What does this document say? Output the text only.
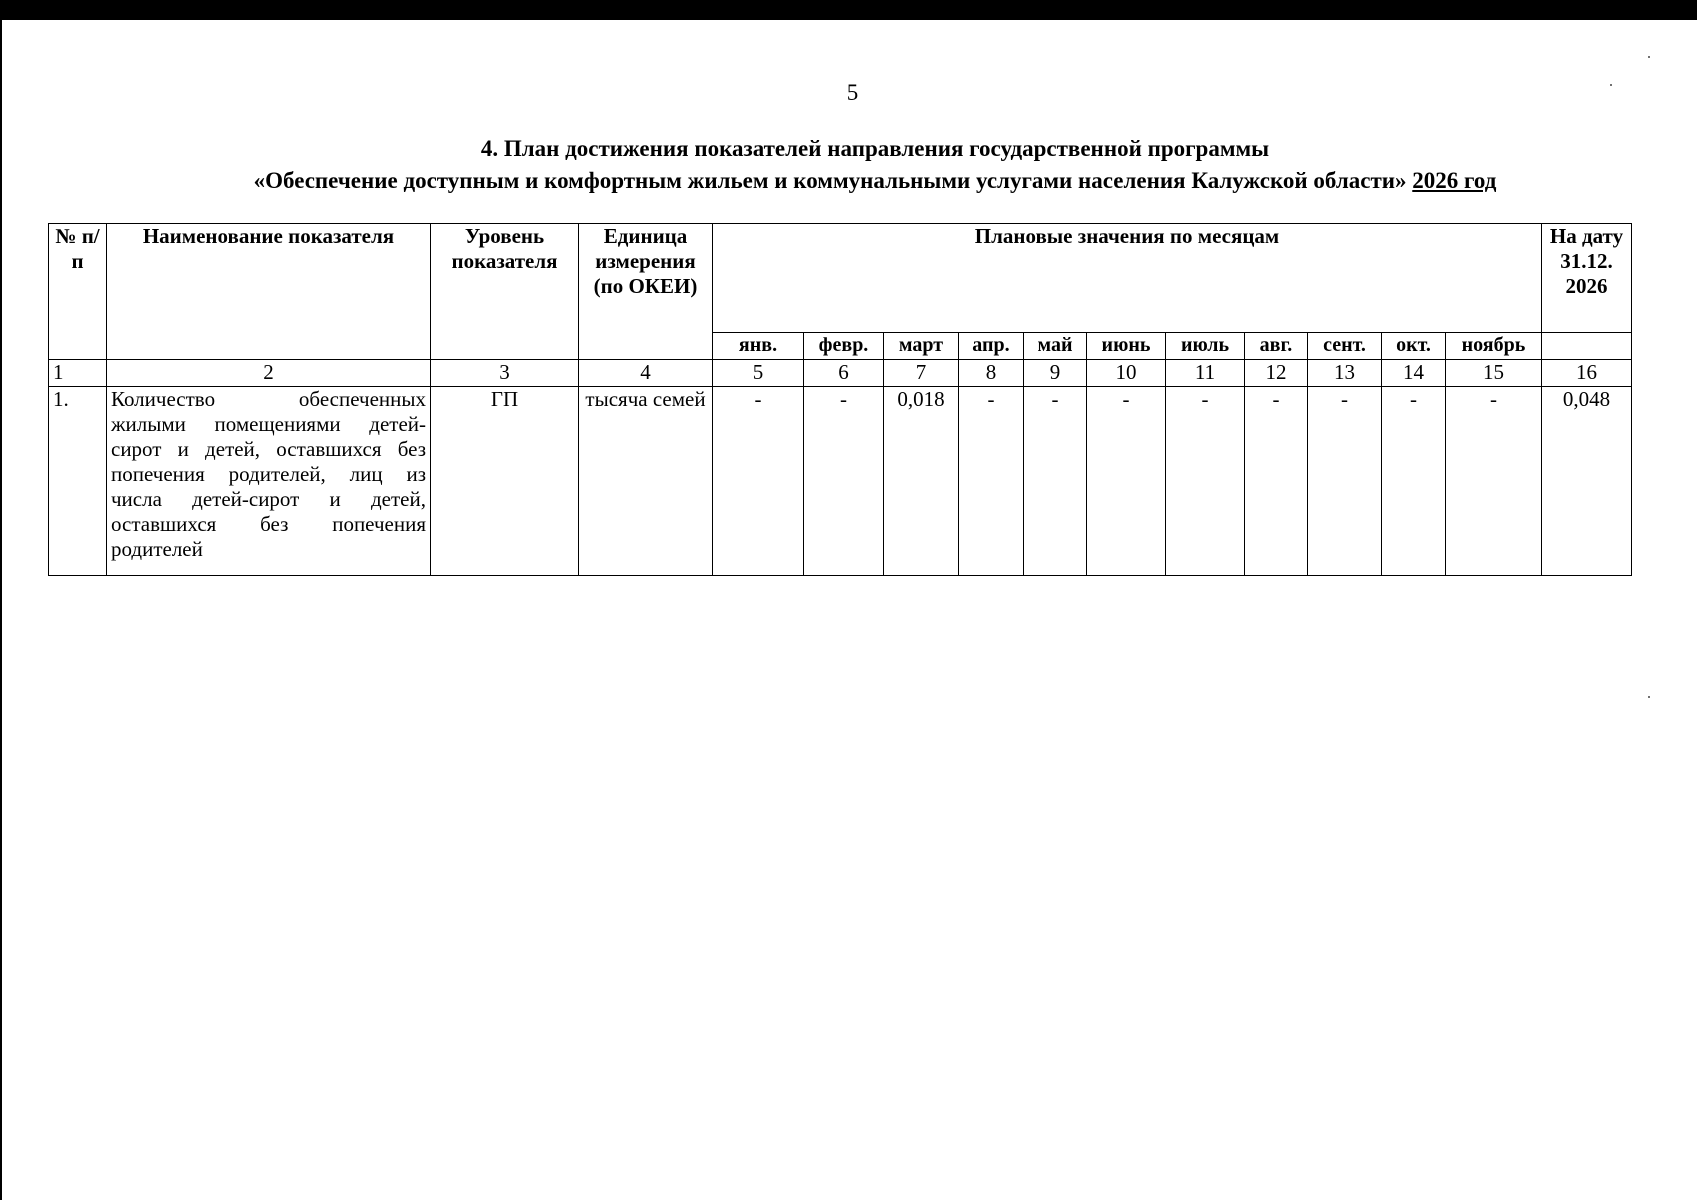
5
4. План достижения показателей направления государственной программы
«Обеспечение доступным и комфортным жильем и коммунальными услугами населения Калужской области» 2026 год
№ п/п	Наименование показателя	Уровень показателя	Единица измерения (по ОКЕИ)	Плановые значения по месяцам											На дату 31.12. 2026
				янв.	февр.	март	апр.	май	июнь	июль	авг.	сент.	окт.	ноябрь	
1	2	3	4	5	6	7	8	9	10	11	12	13	14	15	16
1.	Количество обеспеченных жилыми помещениями детей-сирот и детей, оставшихся без попечения родителей, лиц из числа детей-сирот и детей, оставшихся без попечения родителей	ГП	тысяча семей	-	-	0,018	-	-	-	-	-	-	-	-	0,048
